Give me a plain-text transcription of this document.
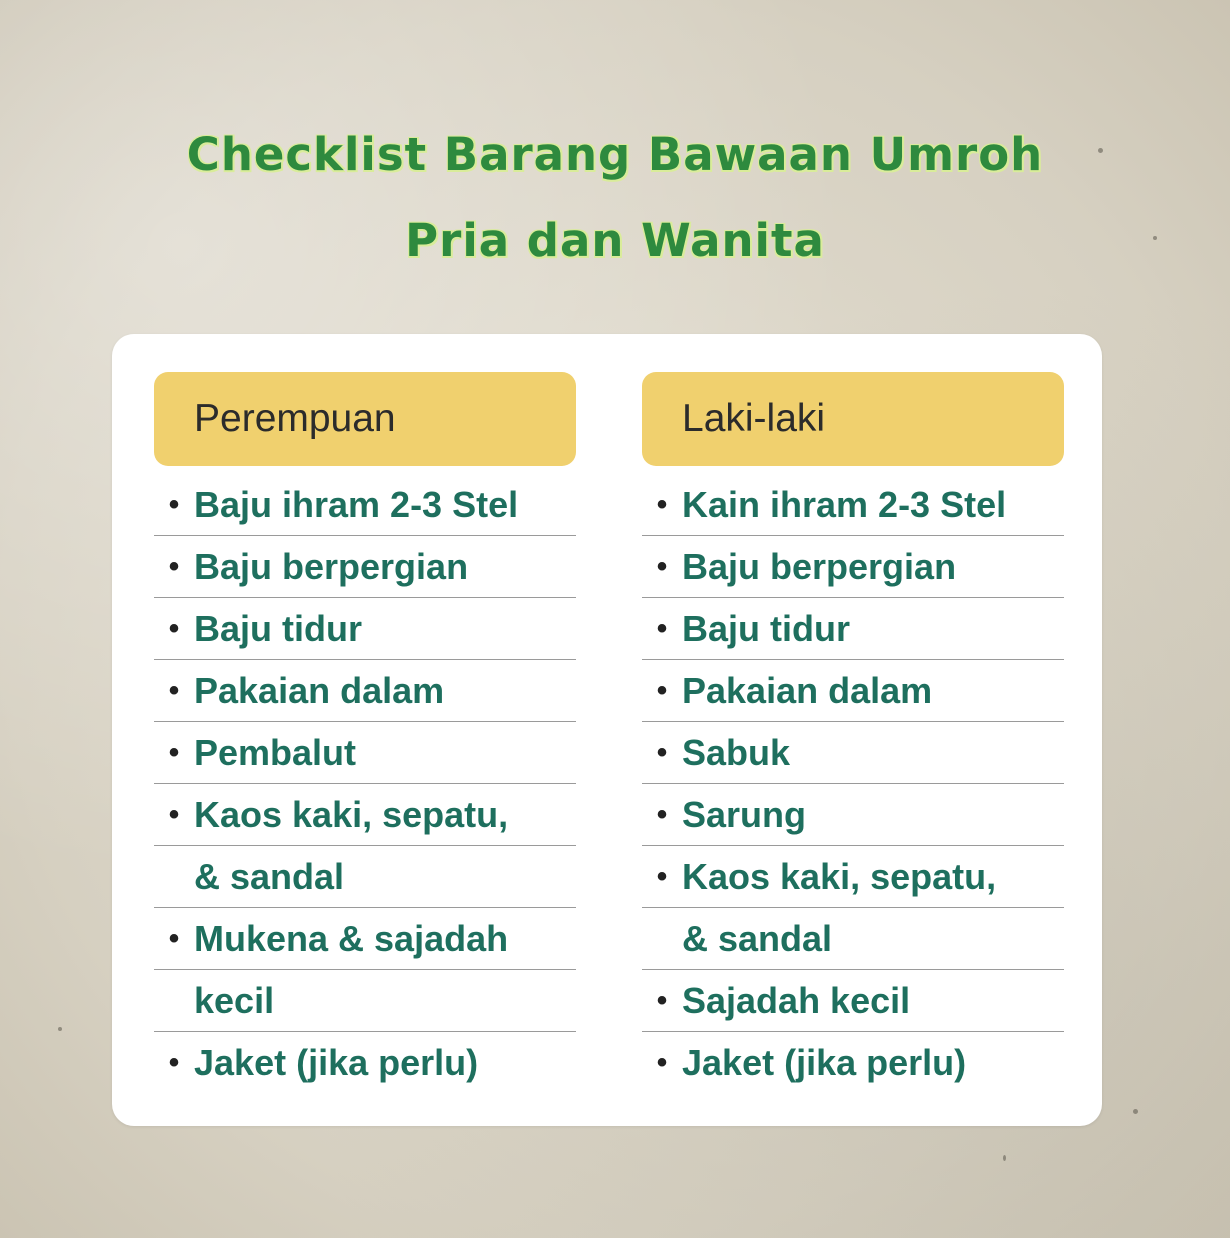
Checklist Barang Bawaan Umroh
Pria dan Wanita
Perempuan
• Baju ihram 2-3 Stel
• Baju berpergian
• Baju tidur
• Pakaian dalam
• Pembalut
• Kaos kaki, sepatu,
& sandal
• Mukena & sajadah
kecil
• Jaket (jika perlu)
Laki-laki
• Kain ihram 2-3 Stel
• Baju berpergian
• Baju tidur
• Pakaian dalam
• Sabuk
• Sarung
• Kaos kaki, sepatu,
& sandal
• Sajadah kecil
• Jaket (jika perlu)
